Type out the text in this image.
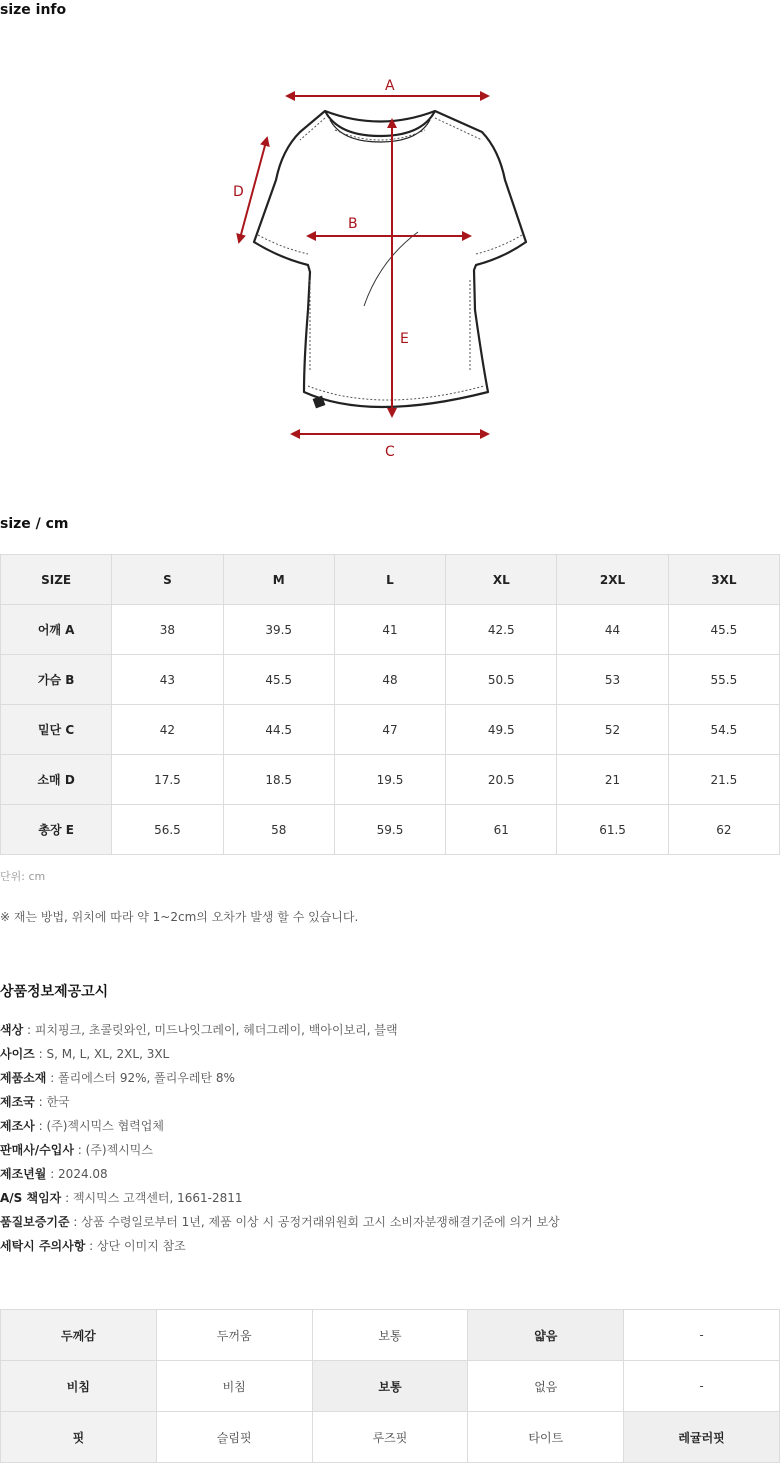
size info
A
B
C
D
E
size / cm
SIZE	S	M	L	XL	2XL	3XL
어깨 A	38	39.5	41	42.5	44	45.5
가슴 B	43	45.5	48	50.5	53	55.5
밑단 C	42	44.5	47	49.5	52	54.5
소매 D	17.5	18.5	19.5	20.5	21	21.5
총장 E	56.5	58	59.5	61	61.5	62
단위: cm
※ 재는 방법, 위치에 따라 약 1~2cm의 오차가 발생 할 수 있습니다.
상품정보제공고시
색상 : 피치핑크, 초콜릿와인, 미드나잇그레이, 헤더그레이, 백아이보리, 블랙
사이즈 : S, M, L, XL, 2XL, 3XL
제품소재 : 폴리에스터 92%, 폴리우레탄 8%
제조국 : 한국
제조사 : (주)젝시믹스 협력업체
판매사/수입사 : (주)젝시믹스
제조년월 : 2024.08
A/S 책임자 : 젝시믹스 고객센터, 1661-2811
품질보증기준 : 상품 수령일로부터 1년, 제품 이상 시 공정거래위원회 고시 소비자분쟁해결기준에 의거 보상
세탁시 주의사항 : 상단 이미지 참조
두께감	두꺼움	보통	얇음	-
비침	비침	보통	없음	-
핏	슬림핏	루즈핏	타이트	레귤러핏
